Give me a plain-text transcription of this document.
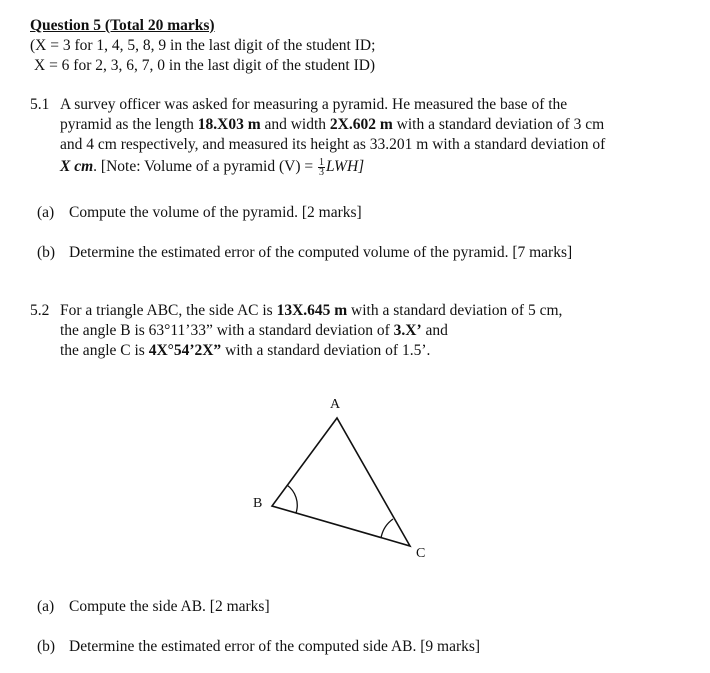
Question 5 (Total 20 marks)
(X = 3 for 1, 4, 5, 8, 9 in the last digit of the student ID;
X = 6 for 2, 3, 6, 7, 0 in the last digit of the student ID)
5.1 A survey officer was asked for measuring a pyramid. He measured the base of the
pyramid as the length 18.X03 m and width 2X.602 m with a standard deviation of 3 cm
and 4 cm respectively, and measured its height as 33.201 m with a standard deviation of
X cm. [Note: Volume of a pyramid $(V) = \frac{1}{3} LWH$]
(a) Compute the volume of the pyramid. [2 marks]
(b) Determine the estimated error of the computed volume of the pyramid. [7 marks]
5.2 For a triangle ABC, the side AC is 13X.645 m with a standard deviation of 5 cm,
the angle B is 63°11’33” with a standard deviation of 3.X’ and
the angle C is 4X°54’2X” with a standard deviation of 1.5’.
A
B
C
(a) Compute the side AB. [2 marks]
(b) Determine the estimated error of the computed side AB. [9 marks]
